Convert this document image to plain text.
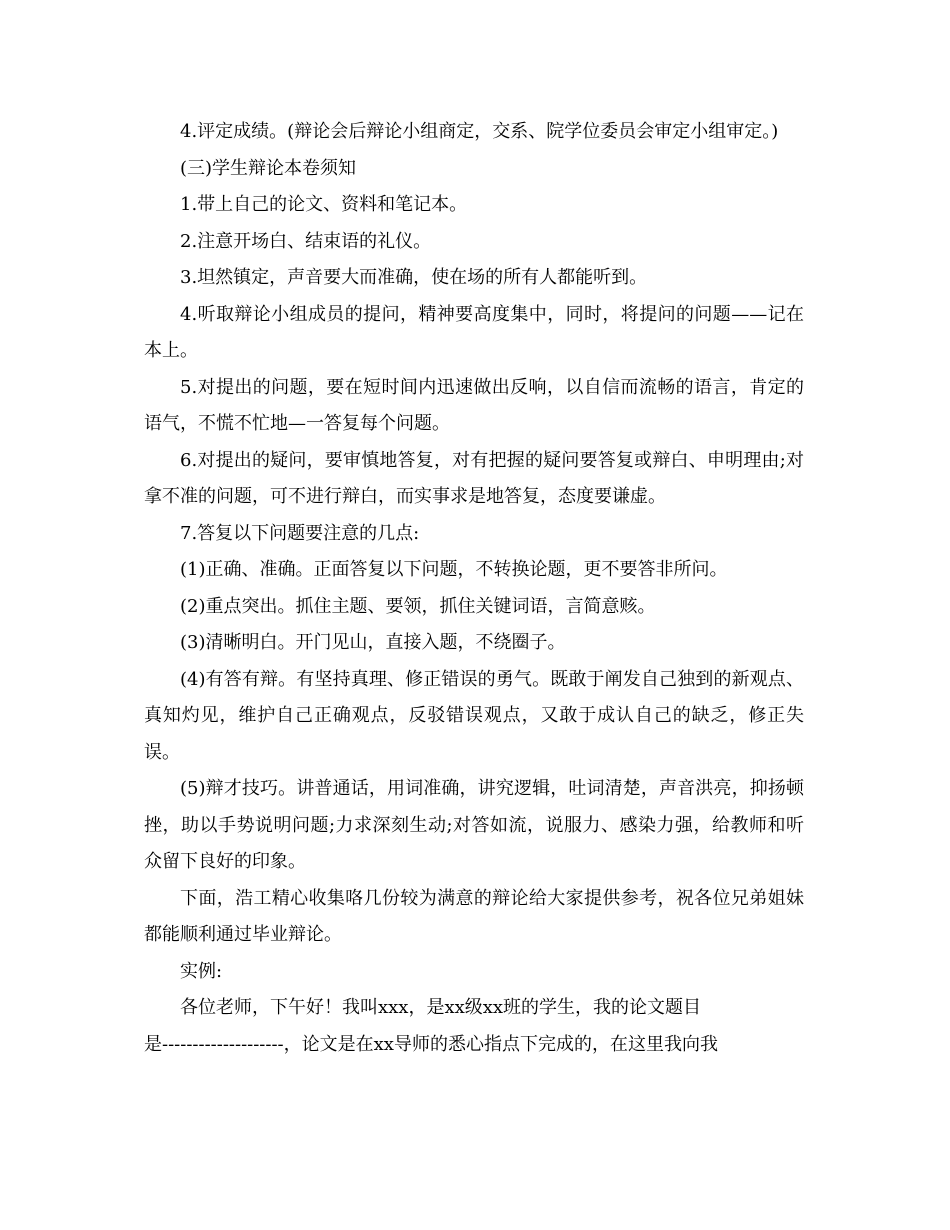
4.评定成绩。(辩论会后辩论小组商定，交系、院学位委员会审定小组审定。)

(三)学生辩论本卷须知

1.带上自己的论文、资料和笔记本。

2.注意开场白、结束语的礼仪。

3.坦然镇定，声音要大而准确，使在场的所有人都能听到。

4.听取辩论小组成员的提问，精神要高度集中，同时，将提问的问题——记在本上。

5.对提出的问题，要在短时间内迅速做出反响，以自信而流畅的语言，肯定的语气，不慌不忙地—一答复每个问题。

6.对提出的疑问，要审慎地答复，对有把握的疑问要答复或辩白、申明理由;对拿不准的问题，可不进行辩白，而实事求是地答复，态度要谦虚。

7.答复以下问题要注意的几点:

(1)正确、准确。正面答复以下问题，不转换论题，更不要答非所问。

(2)重点突出。抓住主题、要领，抓住关键词语，言简意赅。

(3)清晰明白。开门见山，直接入题，不绕圈子。

(4)有答有辩。有坚持真理、修正错误的勇气。既敢于阐发自己独到的新观点、真知灼见，维护自己正确观点，反驳错误观点，又敢于成认自己的缺乏，修正失误。

(5)辩才技巧。讲普通话，用词准确，讲究逻辑，吐词清楚，声音洪亮，抑扬顿挫，助以手势说明问题;力求深刻生动;对答如流，说服力、感染力强，给教师和听众留下良好的印象。

下面，浩工精心收集咯几份较为满意的辩论给大家提供参考，祝各位兄弟姐妹都能顺利通过毕业辩论。

实例:

各位老师，下午好！我叫xxx，是xx级xx班的学生，我的论文题目

是--------------------，论文是在xx导师的悉心指点下完成的，在这里我向我
